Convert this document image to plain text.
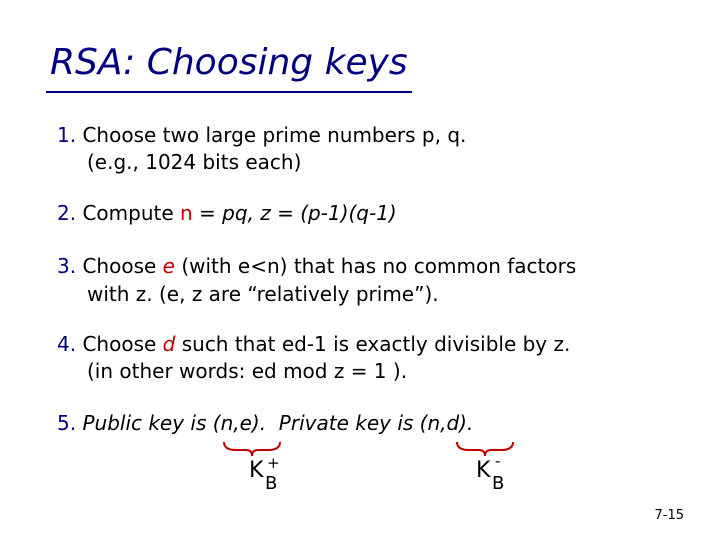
RSA: Choosing keys
1. Choose two large prime numbers p, q.
(e.g., 1024 bits each)
2. Compute n = pq, z = (p-1)(q-1)
3. Choose e (with e<n) that has no common factors
with z. (e, z are “relatively prime”).
4. Choose d such that ed-1 is exactly divisible by z.
(in other words: ed mod z = 1 ).
5. Public key is (n,e). Private key is (n,d).
K +
B
K -
B
7-15
